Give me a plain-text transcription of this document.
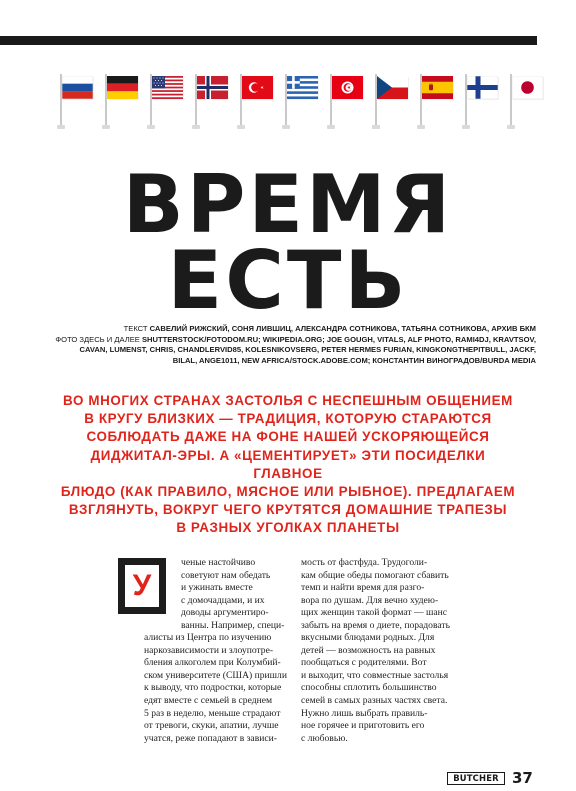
ВРЕМЯ
ЕСТЬ
ТЕКСТ САВЕЛИЙ РИЖСКИЙ, СОНЯ ЛИВШИЦ, АЛЕКСАНДРА СОТНИКОВА, ТАТЬЯНА СОТНИКОВА, АРХИВ БКМ
ФОТО ЗДЕСЬ И ДАЛЕЕ SHUTTERSTOCK/FOTODOM.RU; WIKIPEDIA.ORG; JOE GOUGH, VITALS, ALF PHOTO, RAMI4DJ, KRAVTSOV,
CAVAN, LUMENST, CHRIS, CHANDLERVID85, KOLESNIKOVSERG, PETER HERMES FURIAN, KINGKONGTHEPITBULL, JACKF,
BILAL, ANGE1011, NEW AFRICA/STOCK.ADOBE.COM; КОНСТАНТИН ВИНОГРАДОВ/BURDA MEDIA
ВО МНОГИХ СТРАНАХ ЗАСТОЛЬЯ С НЕСПЕШНЫМ ОБЩЕНИЕМ
В КРУГУ БЛИЗКИХ — ТРАДИЦИЯ, КОТОРУЮ СТАРАЮТСЯ
СОБЛЮДАТЬ ДАЖЕ НА ФОНЕ НАШЕЙ УСКОРЯЮЩЕЙСЯ
ДИДЖИТАЛ-ЭРЫ. А «ЦЕМЕНТИРУЕТ» ЭТИ ПОСИДЕЛКИ ГЛАВНОЕ
БЛЮДО (КАК ПРАВИЛО, МЯСНОЕ ИЛИ РЫБНОЕ). ПРЕДЛАГАЕМ
ВЗГЛЯНУТЬ, ВОКРУГ ЧЕГО КРУТЯТСЯ ДОМАШНИЕ ТРАПЕЗЫ
В РАЗНЫХ УГОЛКАХ ПЛАНЕТЫ
У
ченые настойчиво
советуют нам обедать
и ужинать вместе
с домочадцами, и их
доводы аргументиро-
ванны. Например, специ-
алисты из Центра по изучению
наркозависимости и злоупотре-
бления алкоголем при Колумбий-
ском университете (США) пришли
к выводу, что подростки, которые
едят вместе с семьей в среднем
5 раз в неделю, меньше страдают
от тревоги, скуки, апатии, лучше
учатся, реже попадают в зависи-
мость от фастфуда. Трудоголи-
кам общие обеды помогают сбавить
темп и найти время для разго-
вора по душам. Для вечно худею-
щих женщин такой формат — шанс
забыть на время о диете, порадовать
вкусными блюдами родных. Для
детей — возможность на равных
пообщаться с родителями. Вот
и выходит, что совместные застолья
способны сплотить большинство
семей в самых разных частях света.
Нужно лишь выбрать правиль-
ное горячее и приготовить его
с любовью.
BUTCHER 37
